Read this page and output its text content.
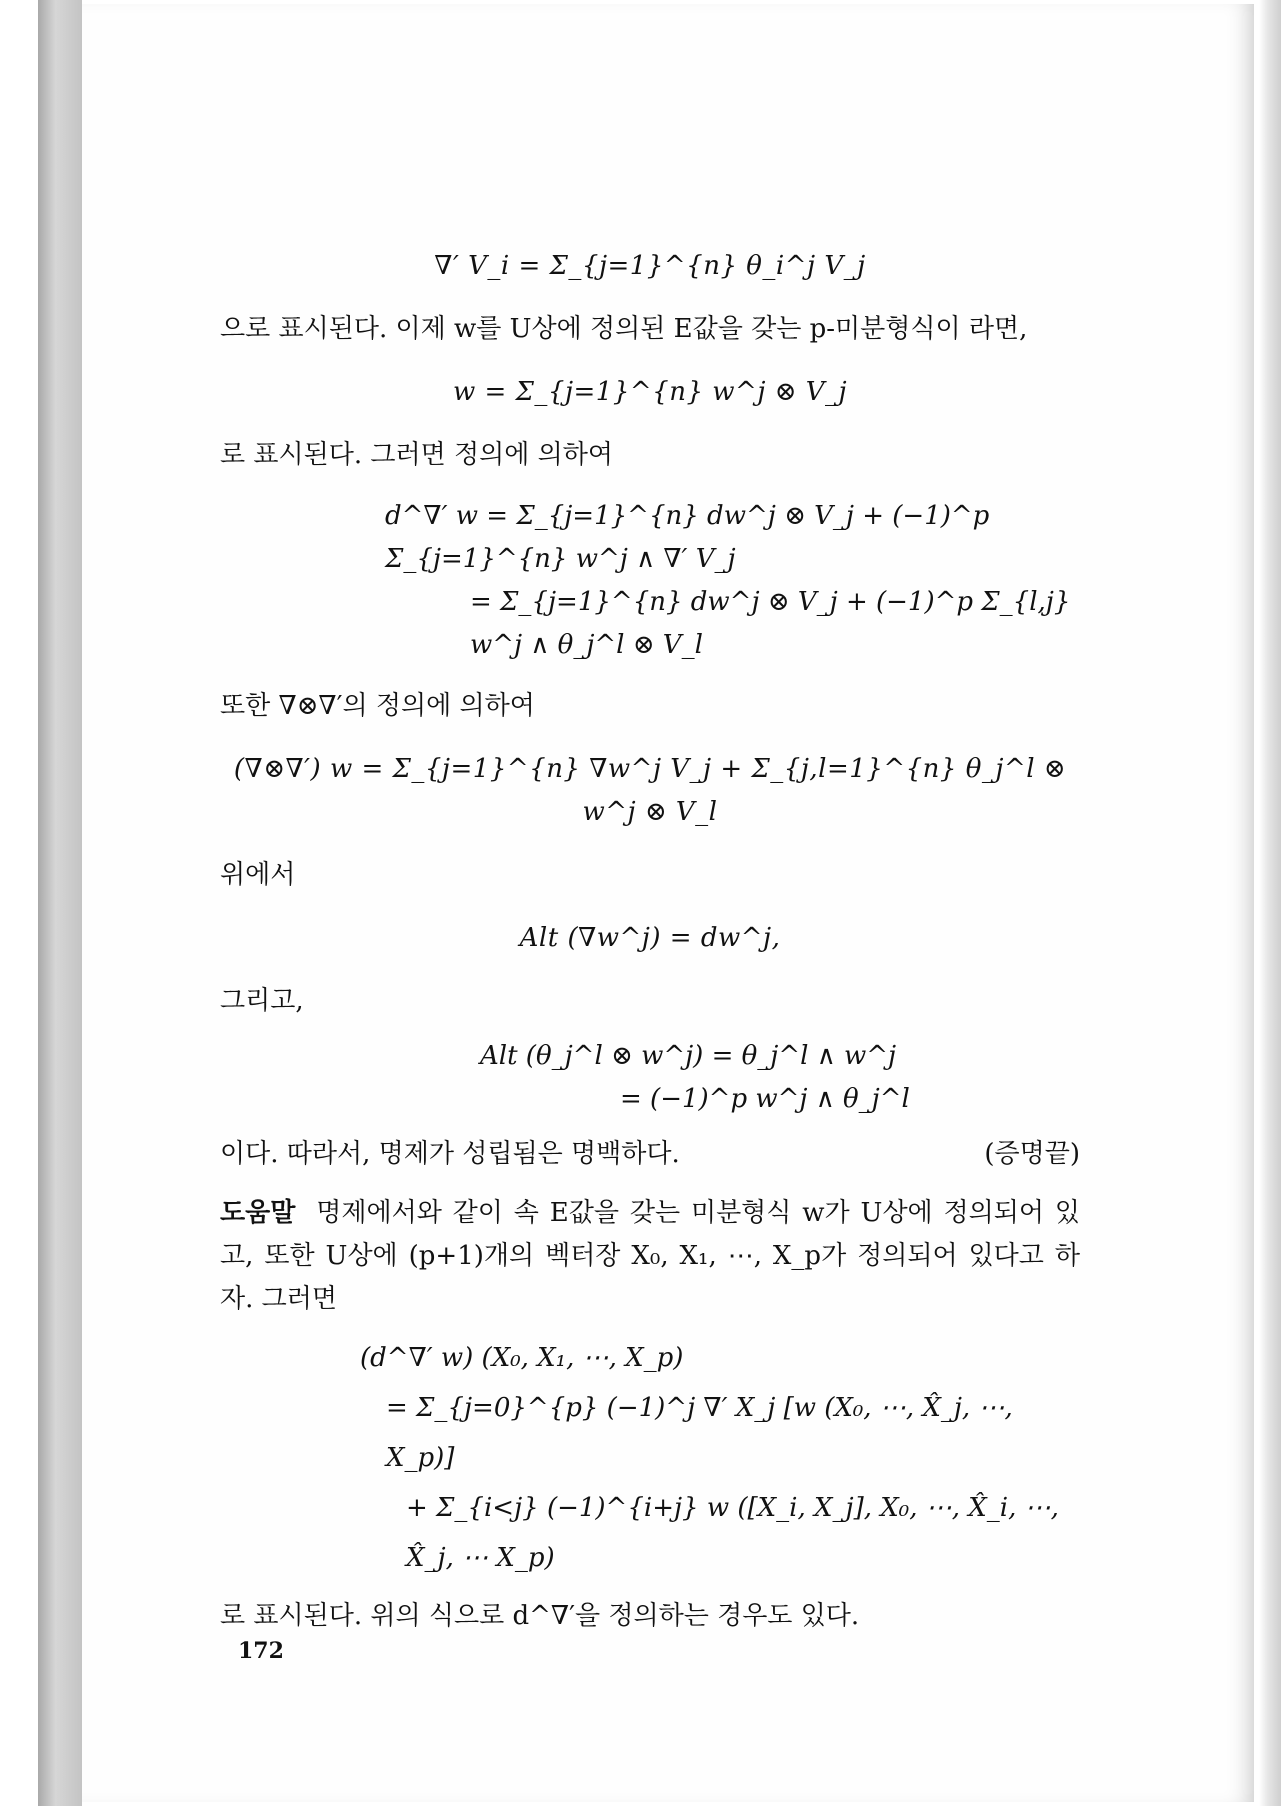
∇′ V_i = Σ_{j=1}^{n} θ_i^j V_j
으로 표시된다. 이제 w를 U상에 정의된 E값을 갖는 p-미분형식이 라면,
w = Σ_{j=1}^{n} w^j ⊗ V_j
로 표시된다. 그러면 정의에 의하여
d^∇′ w = Σ_{j=1}^{n} dw^j ⊗ V_j + (−1)^p Σ_{j=1}^{n} w^j ∧ ∇′ V_j
= Σ_{j=1}^{n} dw^j ⊗ V_j + (−1)^p Σ_{l,j} w^j ∧ θ_j^l ⊗ V_l
또한 ∇⊗∇′의 정의에 의하여
(∇⊗∇′) w = Σ_{j=1}^{n} ∇w^j V_j + Σ_{j,l=1}^{n} θ_j^l ⊗ w^j ⊗ V_l
위에서
Alt (∇w^j) = dw^j,
그리고,
Alt (θ_j^l ⊗ w^j) = θ_j^l ∧ w^j
= (−1)^p w^j ∧ θ_j^l
이다. 따라서, 명제가 성립됨은 명백하다.	(증명끝)
도움말 명제에서와 같이 속 E값을 갖는 미분형식 w가 U상에 정의되어 있고, 또한 U상에 (p+1)개의 벡터장 X₀, X₁, ⋯, X_p가 정의되어 있다고 하자. 그러면
(d^∇′ w) (X₀, X₁, ⋯, X_p)
= Σ_{j=0}^{p} (−1)^j ∇′ X_j [w (X₀, ⋯, X̂_j, ⋯, X_p)]
+ Σ_{i<j} (−1)^{i+j} w ([X_i, X_j], X₀, ⋯, X̂_i, ⋯, X̂_j, ⋯ X_p)
로 표시된다. 위의 식으로 d^∇′을 정의하는 경우도 있다.
172
